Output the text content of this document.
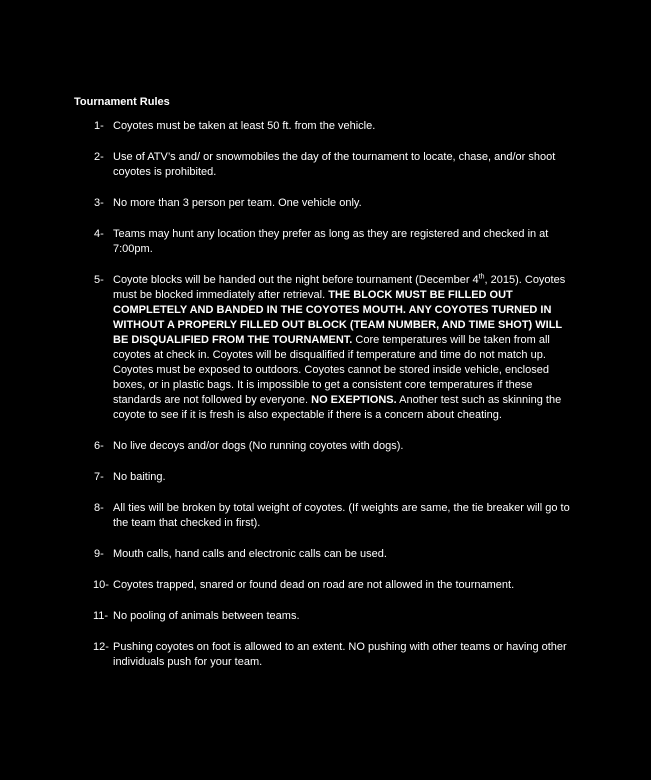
Tournament Rules
1- Coyotes must be taken at least 50 ft. from the vehicle.
2- Use of ATV’s and/ or snowmobiles the day of the tournament to locate, chase, and/or shoot coyotes is prohibited.
3- No more than 3 person per team. One vehicle only.
4- Teams may hunt any location they prefer as long as they are registered and checked in at 7:00pm.
5- Coyote blocks will be handed out the night before tournament (December 4th, 2015). Coyotes must be blocked immediately after retrieval. THE BLOCK MUST BE FILLED OUT COMPLETELY AND BANDED IN THE COYOTES MOUTH. ANY COYOTES TURNED IN WITHOUT A PROPERLY FILLED OUT BLOCK (TEAM NUMBER, AND TIME SHOT) WILL BE DISQUALIFIED FROM THE TOURNAMENT. Core temperatures will be taken from all coyotes at check in. Coyotes will be disqualified if temperature and time do not match up. Coyotes must be exposed to outdoors. Coyotes cannot be stored inside vehicle, enclosed boxes, or in plastic bags. It is impossible to get a consistent core temperatures if these standards are not followed by everyone. NO EXEPTIONS. Another test such as skinning the coyote to see if it is fresh is also expectable if there is a concern about cheating.
6- No live decoys and/or dogs (No running coyotes with dogs).
7- No baiting.
8- All ties will be broken by total weight of coyotes. (If weights are same, the tie breaker will go to the team that checked in first).
9- Mouth calls, hand calls and electronic calls can be used.
10- Coyotes trapped, snared or found dead on road are not allowed in the tournament.
11- No pooling of animals between teams.
12- Pushing coyotes on foot is allowed to an extent. NO pushing with other teams or having other individuals push for your team.
